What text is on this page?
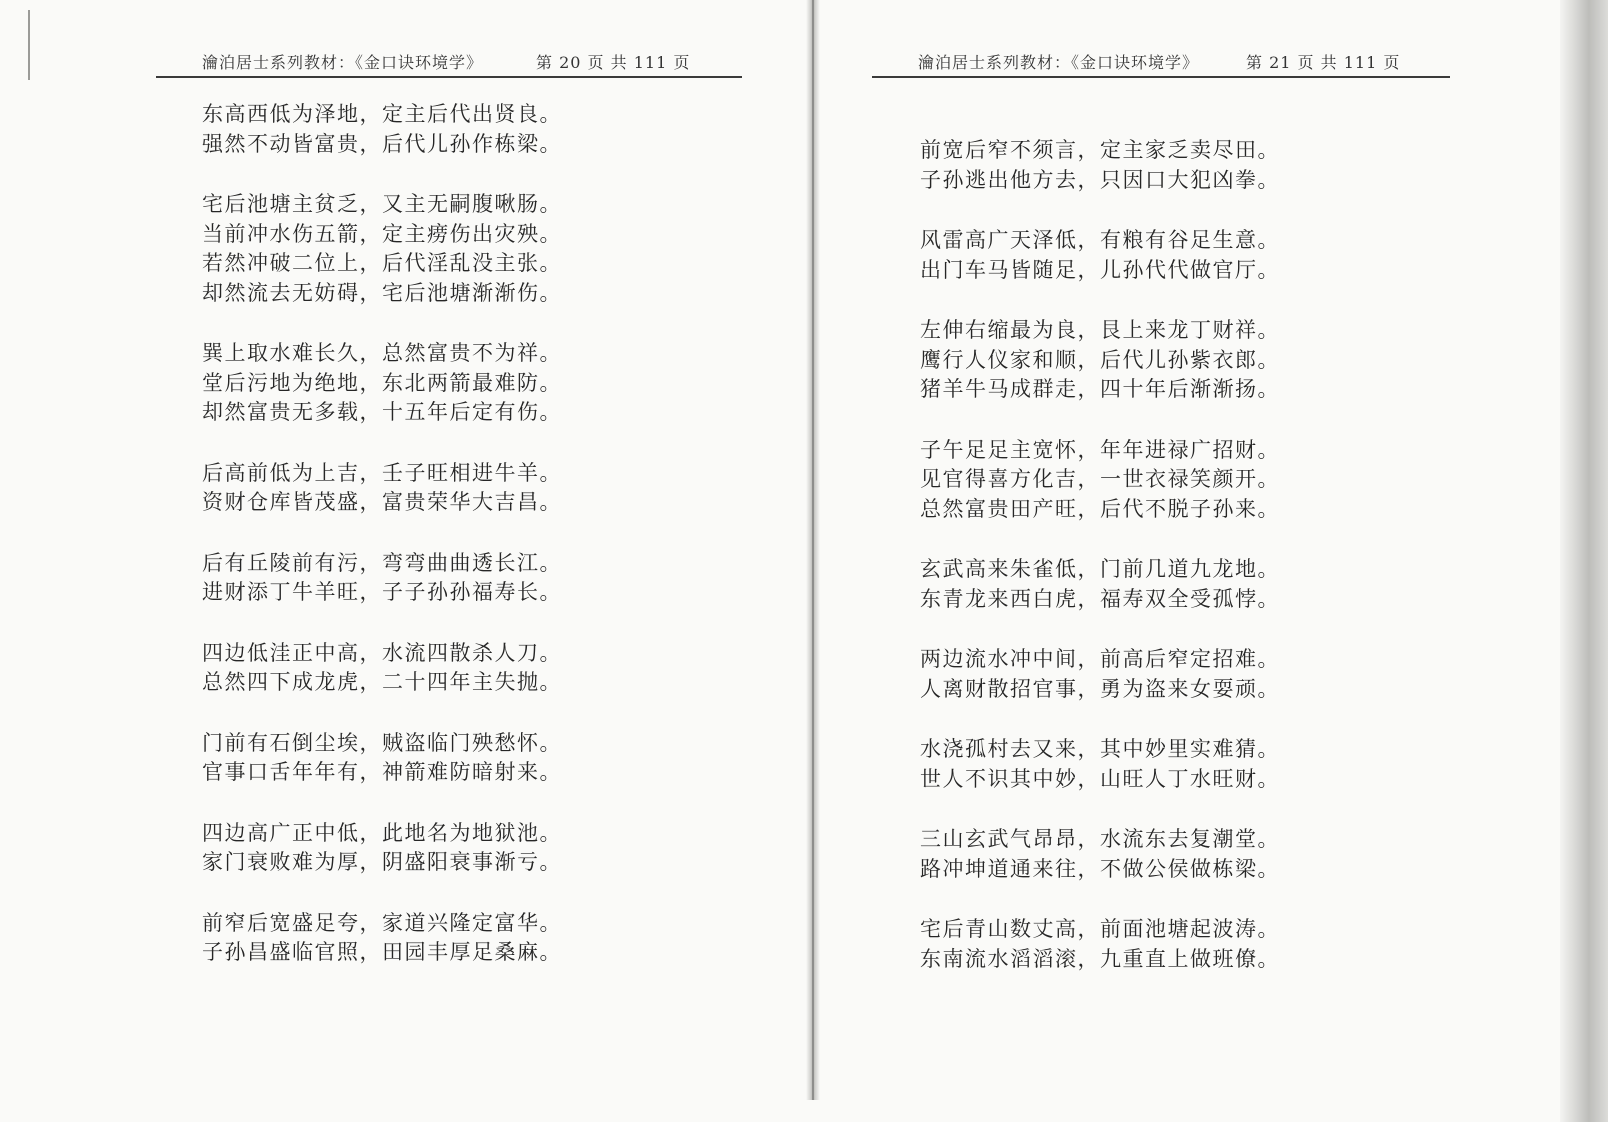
瀹泊居士系列教材：《金口诀环境学》	第 20 页 共 111 页
东高西低为泽地，定主后代出贤良。
强然不动皆富贵，后代儿孙作栋梁。
宅后池塘主贫乏，又主无嗣腹啾肠。
当前冲水伤五箭，定主痨伤出灾殃。
若然冲破二位上，后代淫乱没主张。
却然流去无妨碍，宅后池塘渐渐伤。
巽上取水难长久，总然富贵不为祥。
堂后污地为绝地，东北两箭最难防。
却然富贵无多载，十五年后定有伤。
后高前低为上吉，壬子旺相进牛羊。
资财仓库皆茂盛，富贵荣华大吉昌。
后有丘陵前有污，弯弯曲曲透长江。
进财添丁牛羊旺，子子孙孙福寿长。
四边低洼正中高，水流四散杀人刀。
总然四下成龙虎，二十四年主失抛。
门前有石倒尘埃，贼盗临门殃愁怀。
官事口舌年年有，神箭难防暗射来。
四边高广正中低，此地名为地狱池。
家门衰败难为厚，阴盛阳衰事渐亏。
前窄后宽盛足夸，家道兴隆定富华。
子孙昌盛临官照，田园丰厚足桑麻。
瀹泊居士系列教材：《金口诀环境学》	第 21 页 共 111 页
前宽后窄不须言，定主家乏卖尽田。
子孙逃出他方去，只因口大犯凶拳。
风雷高广天泽低，有粮有谷足生意。
出门车马皆随足，儿孙代代做官厅。
左伸右缩最为良，艮上来龙丁财祥。
鹰行人仪家和顺，后代儿孙紫衣郎。
猪羊牛马成群走，四十年后渐渐扬。
子午足足主宽怀，年年进禄广招财。
见官得喜方化吉，一世衣禄笑颜开。
总然富贵田产旺，后代不脱子孙来。
玄武高来朱雀低，门前几道九龙地。
东青龙来西白虎，福寿双全受孤悖。
两边流水冲中间，前高后窄定招难。
人离财散招官事，勇为盗来女耍顽。
水浇孤村去又来，其中妙里实难猜。
世人不识其中妙，山旺人丁水旺财。
三山玄武气昂昂，水流东去复潮堂。
路冲坤道通来往，不做公侯做栋梁。
宅后青山数丈高，前面池塘起波涛。
东南流水滔滔滚，九重直上做班僚。
